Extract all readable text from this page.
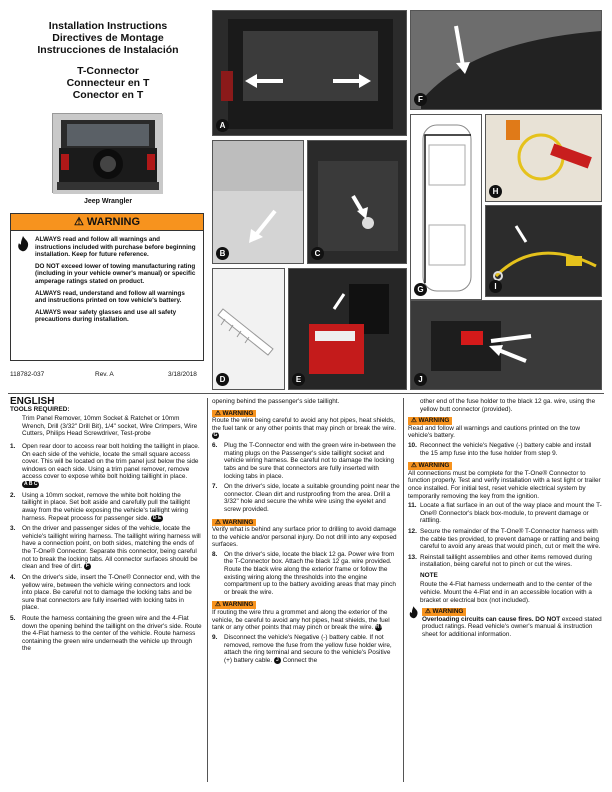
Installation Instructions
Directives de Montage
Instrucciones de Instalación
T-Connector
Connecteur en T
Conector en T
Jeep Wrangler
⚠ WARNING

ALWAYS read and follow all warnings and instructions included with purchase before beginning installation. Keep for future reference.

DO NOT exceed lower of towing manufacturing rating (including in your vehicle owner's manual) or specific amperage ratings stated on product.

ALWAYS read, understand and follow all warnings and instructions printed on tow vehicle's battery.

ALWAYS wear safety glasses and use all safety precautions during installation.

118782-037	Rev. A	3/18/2018
A
F
B	C
G
H
I
D	E	J
ENGLISH

TOOLS REQUIRED:

Trim Panel Remover, 10mm Socket & Ratchet or 10mm Wrench, Drill (3/32" Drill Bit), 1/4" socket, Wire Crimpers, Wire Cutters, Philips Head Screwdriver, Test-probe

1.	Open rear door to access rear bolt holding the taillight in place. On each side of the vehicle, locate the small square access cover. This will be located on the trim panel just below the side windows on each side. Using a trim panel remover, remove access cover to expose white bolt holding taillight in place. A B C
2.	Using a 10mm socket, remove the white bolt holding the taillight in place. Set bolt aside and carefully pull the taillight away from the vehicle exposing the vehicle's taillight wiring harness. Repeat process for passenger side. D E
3.	On the driver and passenger sides of the vehicle, locate the vehicle's taillight wiring harness. The taillight wiring harness will have a connection point, on both sides, matching the ends of the T-One® Connector. Separate this connector, being careful not to break the locking tabs. All connector surfaces should be clean and free of dirt. F
4.	On the driver's side, insert the T-One® Connector end, with the yellow wire, between the vehicle wiring connectors and lock into place. Be careful not to damage the locking tabs and be sure that connectors are fully inserted with locking tabs in place.
5.	Route the harness containing the green wire and the 4-Flat down the opening behind the taillight on the driver's side. Route the 4-Flat harness to the center of the vehicle. Route harness containing the green wire underneath the vehicle up through the

opening behind the passenger's side taillight.

⚠ WARNING

Route the wire being careful to avoid any hot pipes, heat shields, the fuel tank or any other points that may pinch or break the wire. G

6.	Plug the T-Connector end with the green wire in-between the mating plugs on the Passenger's side taillight socket and vehicle wiring harness. Be careful not to damage the locking tabs and be sure that connectors are fully inserted with locking tabs in place.
7.	On the driver's side, locate a suitable grounding point near the connector. Clean dirt and rustproofing from the area. Drill a 3/32" hole and secure the white wire using the eyelet and screw provided.
⚠ WARNING

Verify what is behind any surface prior to drilling to avoid damage to the vehicle and/or personal injury. Do not drill into any exposed surfaces.

8.	On the driver's side, locate the black 12 ga. Power wire from the T-Connector box. Attach the black 12 ga. wire provided. Route the black wire along the exterior frame or follow the existing wiring along the thresholds into the engine compartment up to the battery avoiding areas that may pinch or break the wire.
⚠ WARNING

If routing the wire thru a grommet and along the exterior of the vehicle, be careful to avoid any hot pipes, heat shields, the fuel tank or any other points that may pinch or break the wire. H I

9.	Disconnect the vehicle's Negative (-) battery cable. If not removed, remove the fuse from the yellow fuse holder wire, attach the ring terminal and secure to the vehicle's Positive (+) battery cable. J Connect the

other end of the fuse holder to the black 12 ga. wire, using the yellow butt connector (provided).

⚠ WARNING

Read and follow all warnings and cautions printed on the tow vehicle's battery.

10. Reconnect the vehicle's Negative (-) battery cable and install the 15 amp fuse into the fuse holder from step 9.
⚠ WARNING

All connections must be complete for the T-One® Connector to function properly. Test and verify installation with a test light or trailer once installed. For initial test, reset vehicle electrical system by temporarily removing the key from the ignition.

11. Locate a flat surface in an out of the way place and mount the T-One® Connector's black box-module, to prevent damage or rattling.
12. Secure the remainder of the T-One® T-Connector harness with the cable ties provided, to prevent damage or rattling and being careful to avoid any areas that would pinch, cut or melt the wire.
13. Reinstall taillight assemblies and other items removed during installation, being careful not to pinch or cut the wires.

NOTE

Route the 4-Flat harness underneath and to the center of the vehicle. Mount the 4-Flat end in an accessible location with a bracket or electrical box (not included).

⚠ WARNING

Overloading circuits can cause fires. DO NOT exceed stated product ratings. Read vehicle's owner's manual & instruction sheet for additional information.
